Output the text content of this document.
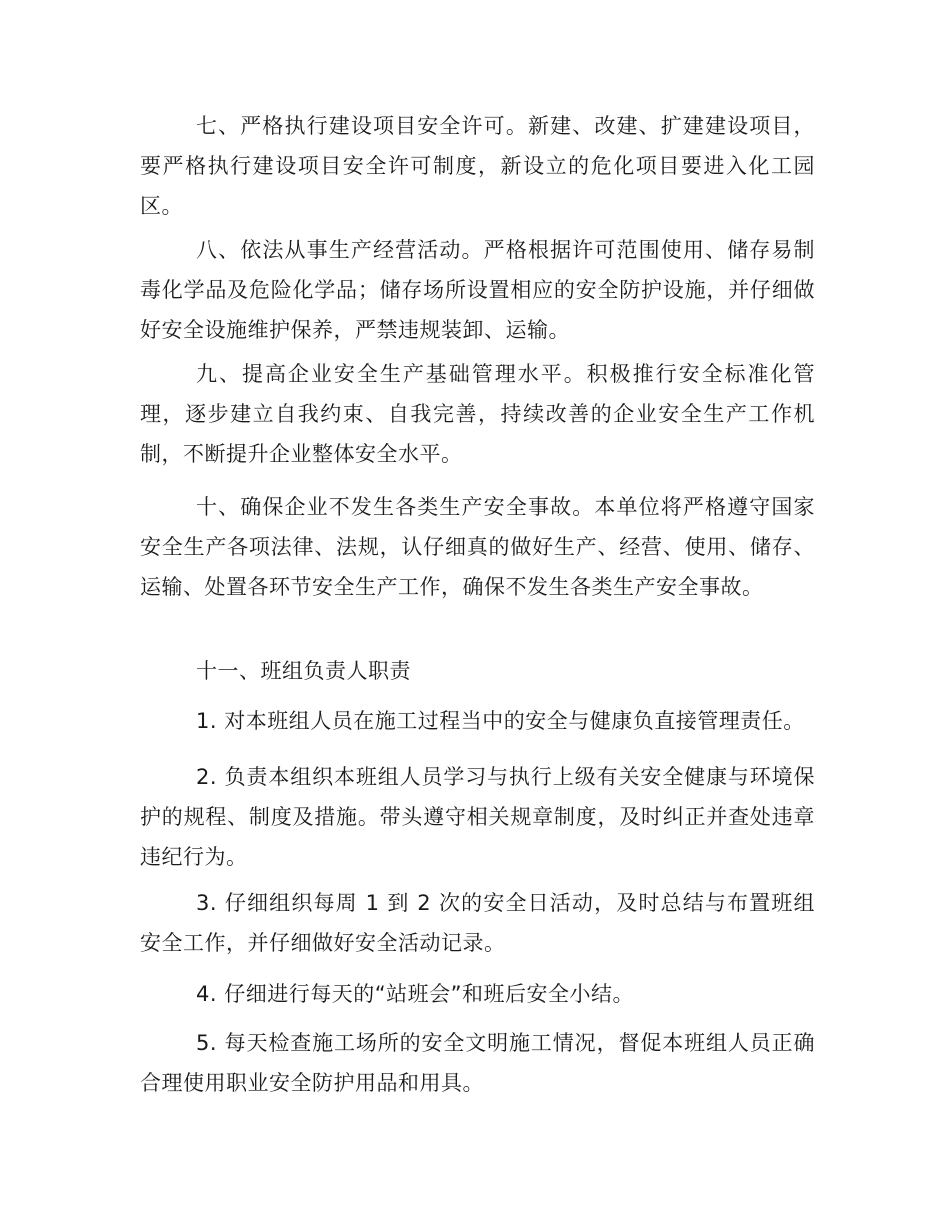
七、严格执行建设项目安全许可。新建、改建、扩建建设项目，要严格执行建设项目安全许可制度，新设立的危化项目要进入化工园区。

八、依法从事生产经营活动。严格根据许可范围使用、储存易制毒化学品及危险化学品；储存场所设置相应的安全防护设施，并仔细做好安全设施维护保养，严禁违规装卸、运输。

九、提高企业安全生产基础管理水平。积极推行安全标准化管理，逐步建立自我约束、自我完善，持续改善的企业安全生产工作机制，不断提升企业整体安全水平。

十、确保企业不发生各类生产安全事故。本单位将严格遵守国家安全生产各项法律、法规，认仔细真的做好生产、经营、使用、储存、运输、处置各环节安全生产工作，确保不发生各类生产安全事故。

十一、班组负责人职责

1. 对本班组人员在施工过程当中的安全与健康负直接管理责任。

2. 负责本组织本班组人员学习与执行上级有关安全健康与环境保护的规程、制度及措施。带头遵守相关规章制度，及时纠正并查处违章违纪行为。

3. 仔细组织每周 1 到 2 次的安全日活动，及时总结与布置班组安全工作，并仔细做好安全活动记录。

4. 仔细进行每天的“站班会”和班后安全小结。

5. 每天检查施工场所的安全文明施工情况，督促本班组人员正确合理使用职业安全防护用品和用具。
